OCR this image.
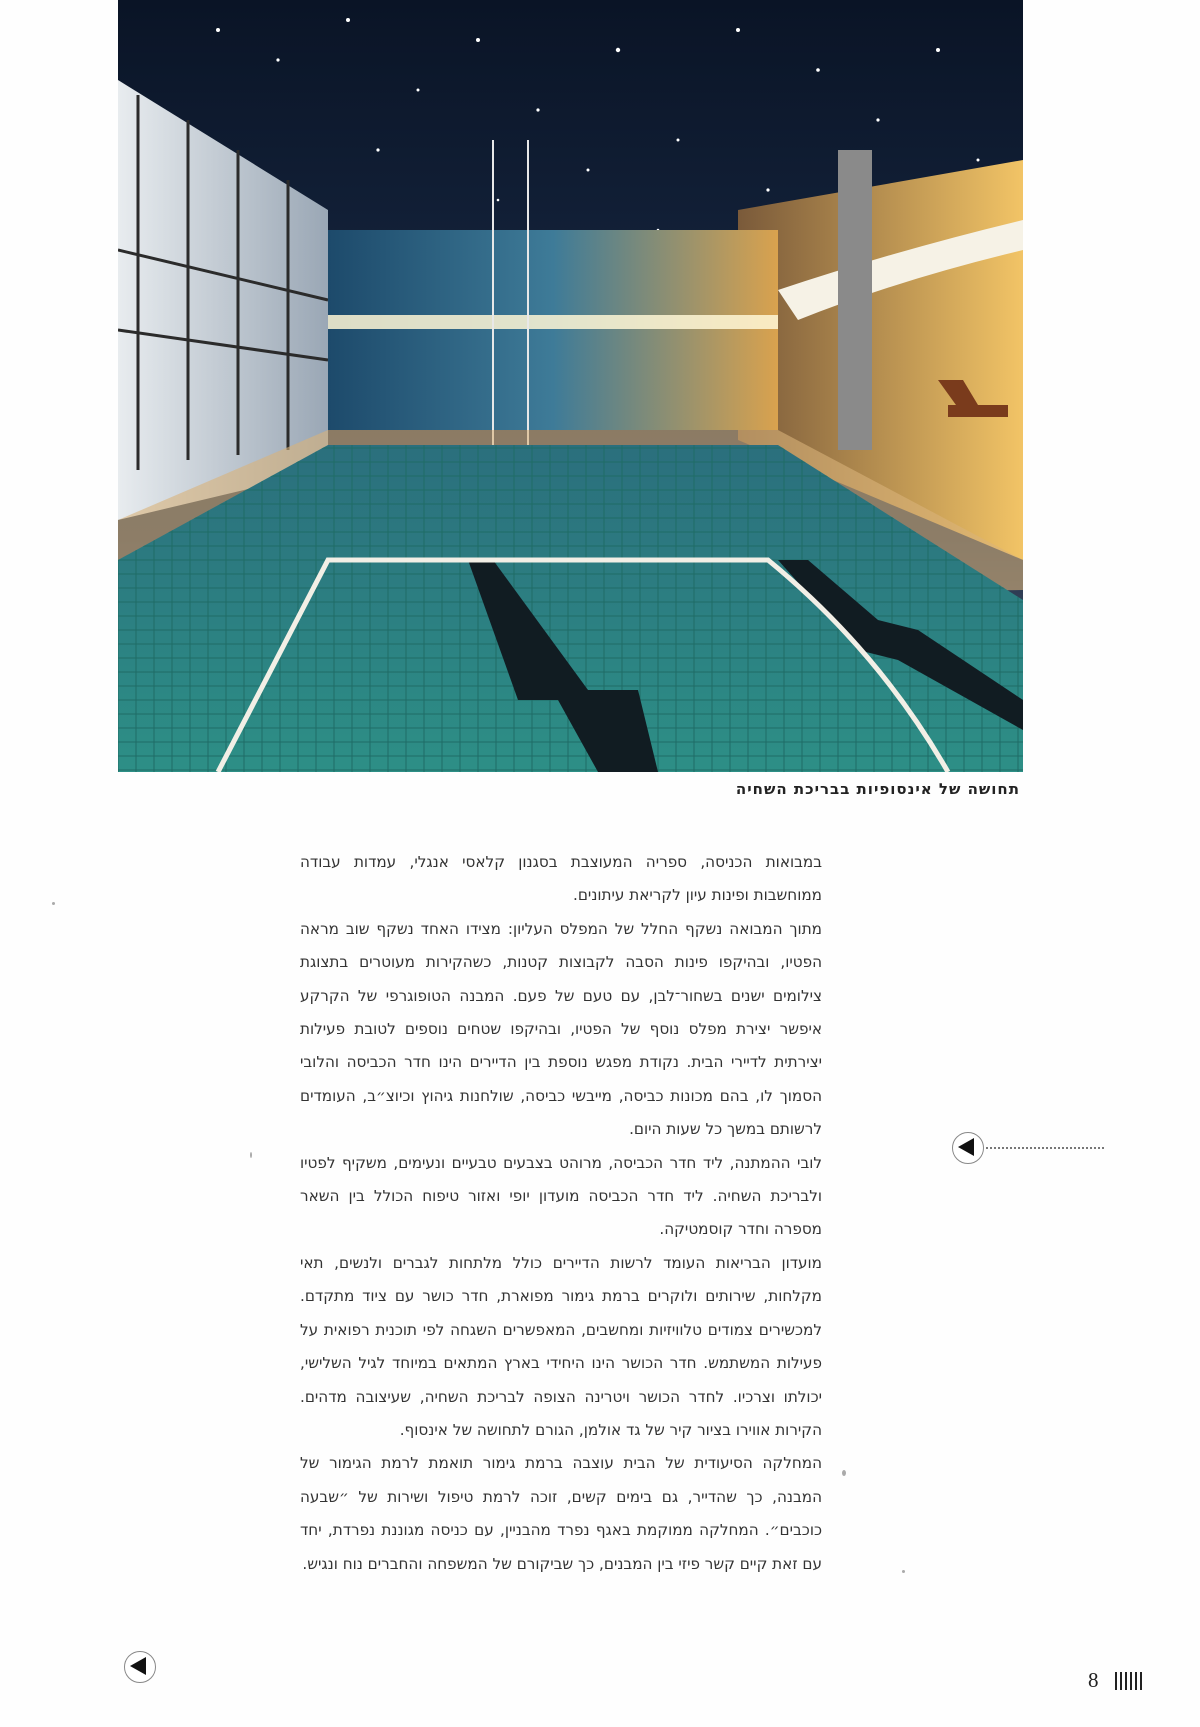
תחושה של אינסופיות בבריכת השחיה

במבואות הכניסה, ספריה המעוצבת בסגנון קלאסי אנגלי, עמדות עבודה ממוחשבות ופינות עיון לקריאת עיתונים.

מתוך המבואה נשקף החלל של המפלס העליון: מצידו האחד נשקף שוב מראה הפטיו, ובהיקפו פינות הסבה לקבוצות קטנות, כשהקירות מעוטרים בתצוגת צילומים ישנים בשחור־לבן, עם טעם של פעם. המבנה הטופוגרפי של הקרקע איפשר יצירת מפלס נוסף של הפטיו, ובהיקפו שטחים נוספים לטובת פעילות יצירתית לדיירי הבית. נקודת מפגש נוספת בין הדיירים הינו חדר הכביסה והלובי הסמוך לו, בהם מכונות כביסה, מייבשי כביסה, שולחנות גיהוץ וכיוצ״ב, העומדים לרשותם במשך כל שעות היום.

לובי ההמתנה, ליד חדר הכביסה, מרוהט בצבעים טבעיים ונעימים, משקיף לפטיו ולבריכת השחיה. ליד חדר הכביסה מועדון יופי ואזור טיפוח הכולל בין השאר מספרה וחדר קוסמטיקה.

מועדון הבריאות העומד לרשות הדיירים כולל מלתחות לגברים ולנשים, תאי מקלחות, שירותים ולוקרים ברמת גימור מפוארת, חדר כושר עם ציוד מתקדם. למכשירים צמודים טלוויזיות ומחשבים, המאפשרים השגחה לפי תוכנית רפואית על פעילות המשתמש. חדר הכושר הינו היחידי בארץ המתאים במיוחד לגיל השלישי, יכולתו וצרכיו. לחדר הכושר ויטרינה הצופה לבריכת השחיה, שעיצובה מדהים. הקירות אווירו בציור קיר של גד אולמן, הגורם לתחושה של אינסוף.

המחלקה הסיעודית של הבית עוצבה ברמת גימור תואמת לרמת הגימור של המבנה, כך שהדייר, גם בימים קשים, זוכה לרמת טיפול ושירות של ״שבעה כוכבים״. המחלקה ממוקמת באגף נפרד מהבניין, עם כניסה מגוננת נפרדת, יחד עם זאת קיים קשר פיזי בין המבנים, כך שביקורם של המשפחה והחברים נוח ונגיש.

8
